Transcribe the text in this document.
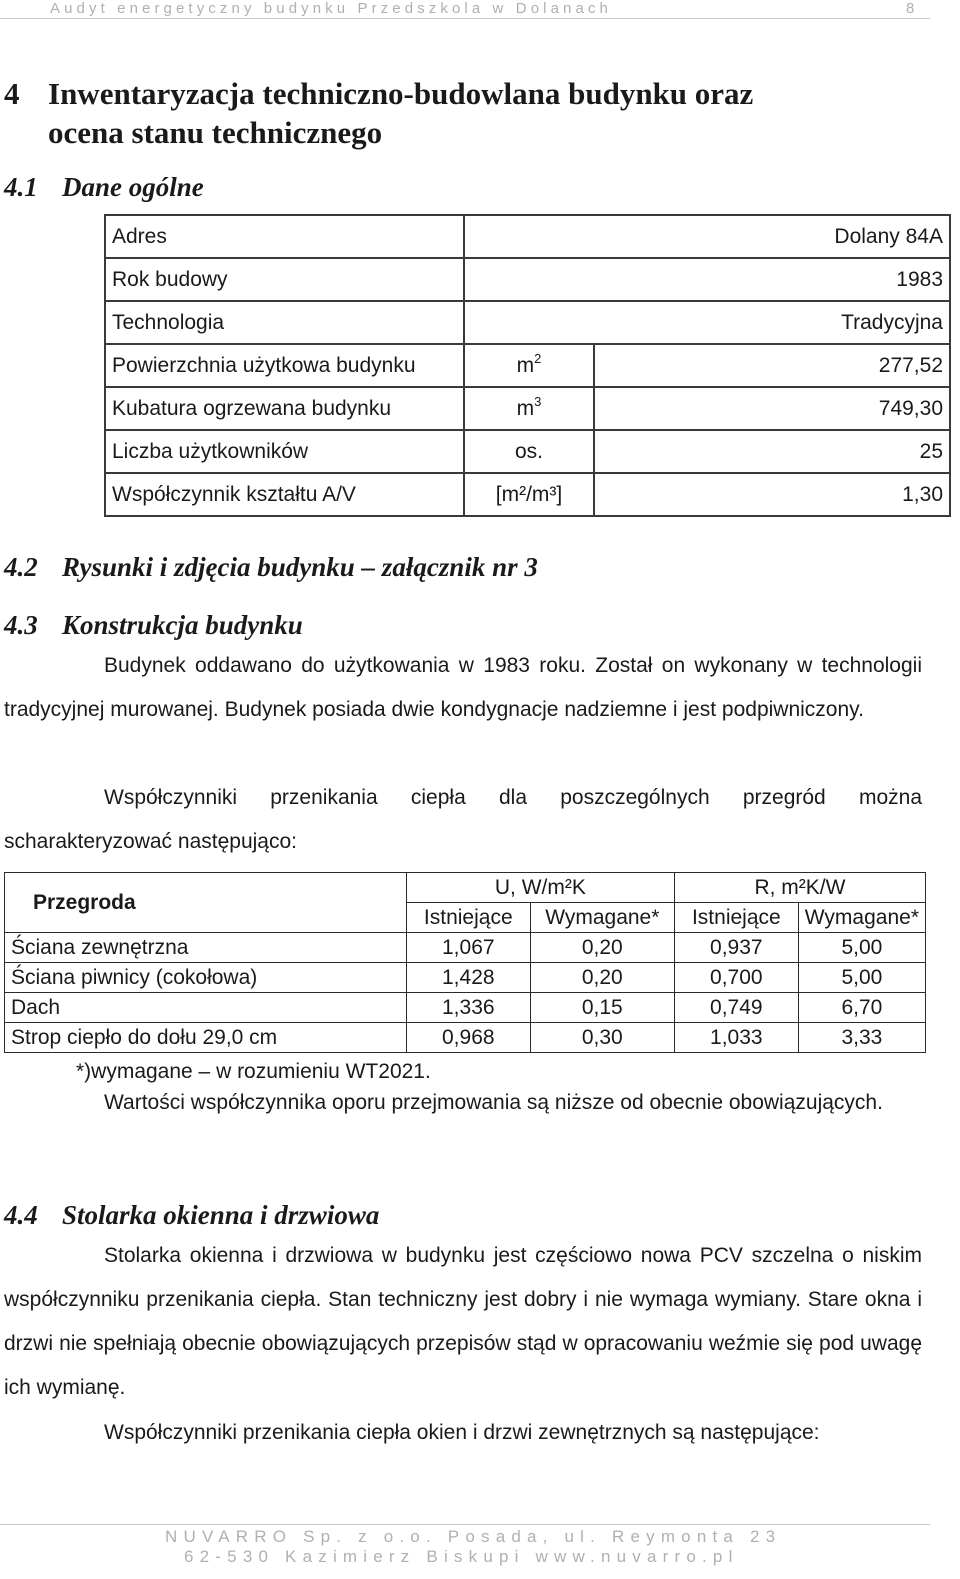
Audyt energetyczny budynku Przedszkola w Dolanach	8
4 Inwentaryzacja techniczno-budowlana budynku oraz
ocena stanu technicznego
4.1 Dane ogólne
Adres	Dolany 84A	
Rok budowy	1983	
Technologia	Tradycyjna	
Powierzchnia użytkowa budynku	$m^2$	277,52
Kubatura ogrzewana budynku	$m^3$	749,30
Liczba użytkowników	os.	25
Współczynnik kształtu A/V	[m²/m³]	1,30
4.2 Rysunki i zdjęcia budynku – załącznik nr 3
4.3 Konstrukcja budynku
Budynek oddawano do użytkowania w 1983 roku. Został on wykonany w technologii tradycyjnej murowanej. Budynek posiada dwie kondygnacje nadziemne i jest podpiwniczony.
Współczynniki przenikania ciepła dla poszczególnych przegród można scharakteryzować następująco:
Przegroda	U, W/m²K		R, m²K/W	
	Istniejące	Wymagane*	Istniejące	Wymagane*
Ściana zewnętrzna	1,067	0,20	0,937	5,00
Ściana piwnicy (cokołowa)	1,428	0,20	0,700	5,00
Dach	1,336	0,15	0,749	6,70
Strop ciepło do dołu 29,0 cm	0,968	0,30	1,033	3,33
*)wymagane – w rozumieniu WT2021.
Wartości współczynnika oporu przejmowania są niższe od obecnie obowiązujących.
4.4 Stolarka okienna i drzwiowa
Stolarka okienna i drzwiowa w budynku jest częściowo nowa PCV szczelna o niskim współczynniku przenikania ciepła. Stan techniczny jest dobry i nie wymaga wymiany. Stare okna i drzwi nie spełniają obecnie obowiązujących przepisów stąd w opracowaniu weźmie się pod uwagę ich wymianę.
Współczynniki przenikania ciepła okien i drzwi zewnętrznych są następujące:
NUVARRO Sp. z o.o. Posada, ul. Reymonta 23
62-530 Kazimierz Biskupi www.nuvarro.pl
